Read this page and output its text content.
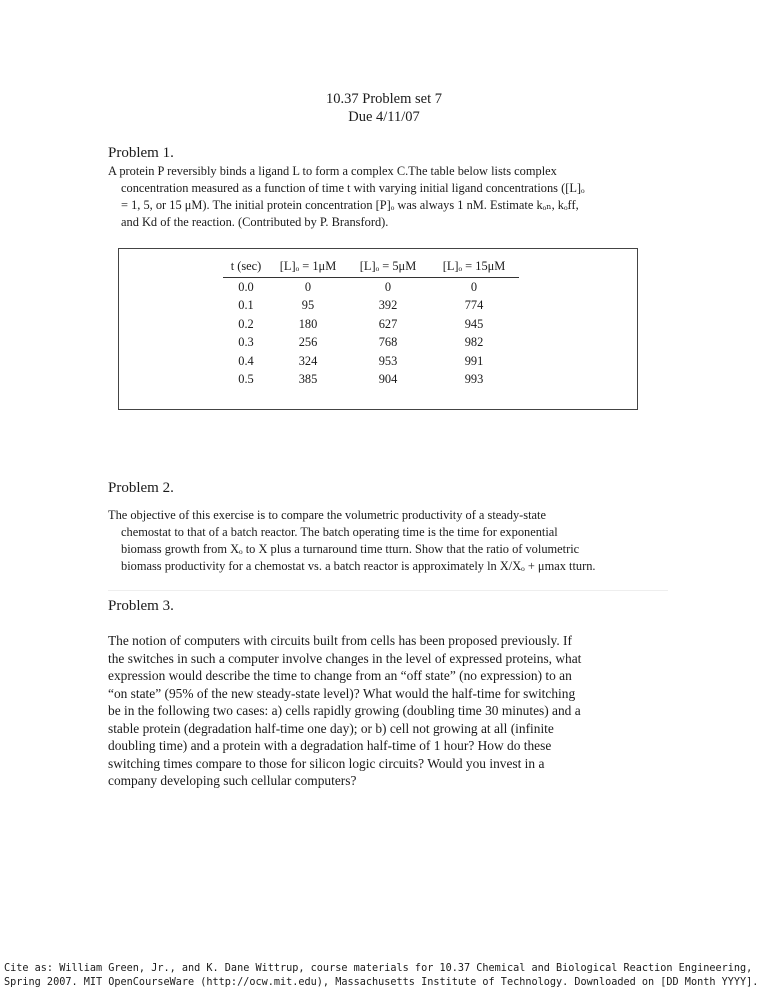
10.37 Problem set 7
Due 4/11/07
Problem 1.
A protein P reversibly binds a ligand L to form a complex C.The table below lists complex
concentration measured as a function of time t with varying initial ligand concentrations ([L]ₒ
= 1, 5, or 15 μM). The initial protein concentration [P]ₒ was always 1 nM. Estimate kₒₙ, kₒff,
and Kd of the reaction. (Contributed by P. Bransford).
t (sec)	[L]ₒ = 1μM	[L]ₒ = 5μM	[L]ₒ = 15μM
0.0	0	0	0
0.1	95	392	774
0.2	180	627	945
0.3	256	768	982
0.4	324	953	991
0.5	385	904	993
Problem 2.
The objective of this exercise is to compare the volumetric productivity of a steady-state
chemostat to that of a batch reactor. The batch operating time is the time for exponential
biomass growth from Xₒ to X plus a turnaround time tturn. Show that the ratio of volumetric
biomass productivity for a chemostat vs. a batch reactor is approximately ln X/Xₒ + μmax tturn.
Problem 3.
The notion of computers with circuits built from cells has been proposed previously. If
the switches in such a computer involve changes in the level of expressed proteins, what
expression would describe the time to change from an “off state” (no expression) to an
“on state” (95% of the new steady-state level)? What would the half-time for switching
be in the following two cases: a) cells rapidly growing (doubling time 30 minutes) and a
stable protein (degradation half-time one day); or b) cell not growing at all (infinite
doubling time) and a protein with a degradation half-time of 1 hour? How do these
switching times compare to those for silicon logic circuits? Would you invest in a
company developing such cellular computers?
Cite as: William Green, Jr., and K. Dane Wittrup, course materials for 10.37 Chemical and Biological Reaction Engineering,
Spring 2007. MIT OpenCourseWare (http://ocw.mit.edu), Massachusetts Institute of Technology. Downloaded on [DD Month YYYY].
